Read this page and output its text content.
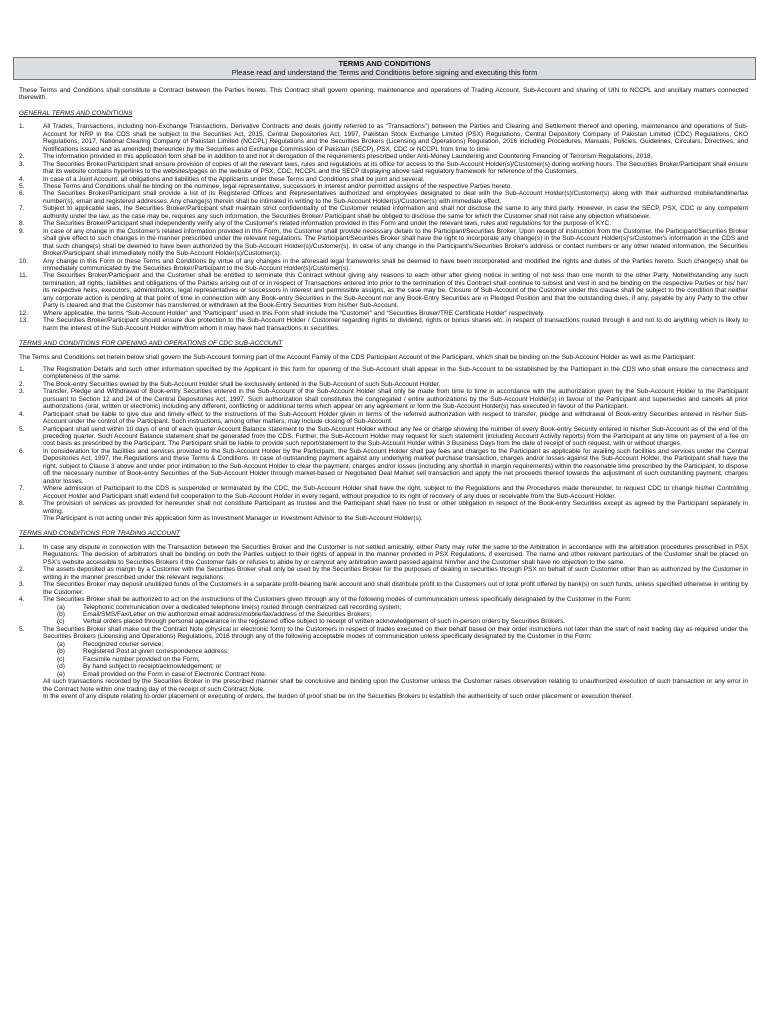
TERMS AND CONDITIONS
Please read and understand the Terms and Conditions before signing and executing this form
These Terms and Conditions shall constitute a Contract between the Parties hereto. This Contract shall govern opening, maintenance and operations of Trading Account, Sub-Account and sharing of UIN to NCCPL and ancillary matters connected therewith.
GENERAL TERMS AND CONDITIONS
1.	All Trades, Transactions, including non-Exchange Transactions, Derivative Contracts and deals (jointly referred to as “Transactions”) between the Parties and Clearing and Settlement thereof and opening, maintenance and operations of Sub-Account for NRP in the CDS shall be subject to the Securities Act, 2015, Central Depositories Act, 1997, Pakistan Stock Exchange Limited (PSX) Regulations, Central Depository Company of Pakistan Limited (CDC) Regulations, CKO Regulations, 2017, National Clearing Company of Pakistan Limited (NCCPL) Regulations and the Securities Brokers (Licensing and Operations) Regulation, 2016 including Procedures, Manuals, Policies, Guidelines, Circulars, Directives, and Notifications issued and as amended) thereunder by the Securities and Exchange Commission of Pakistan (SECP), PSX, CDC or NCCPL from time to time.
2.	The information provided in this application form shall be in addition to and not in derogation of the requirements prescribed under Anti-Money Laundering and Countering Financing of Terrorism Regulations, 2018.
3.	The Securities Broker/Participant shall ensure provision of copies of all the relevant laws, rules and regulations at its office for access to the Sub-Account Holder(s)/Customer(s) during working hours. The Securities Broker/Participant shall ensure that its website contains hyperlinks to the websites/pages on the website of PSX, CDC, NCCPL and the SECP displaying above said regulatory framework for reference of the Customers.
4.	In case of a Joint Account, all obligations and liabilities of the Applicants under these Terms and Conditions shall be joint and several.
5.	These Terms and Conditions shall be binding on the nominee, legal representative, successors in interest and/or permitted assigns of the respective Parties hereto.
6.	The Securities Broker/Participant shall provide a list of its Registered Offices and Representatives authorized and employees designated to deal with the Sub-Account Holder(s)/Customer(s) along with their authorized mobile/landline/fax number(s), email and registered addresses. Any change(s) therein shall be intimated in writing to the Sub-Account Holder(s)/Customer(s) with immediate effect.
7.	Subject to applicable laws, the Securities Broker/Participant shall maintain strict confidentiality of the Customer related information and shall not disclose the same to any third party. However, in case the SECP, PSX, CDC or any competent authority under the law, as the case may be, requires any such information, the Securities Broker/ Participant shall be obliged to disclose the same for which the Customer shall not raise any objection whatsoever.
8.	The Securities Broker/Participant shall independently verify any of the Customer's related information provided in this Form and under the relevant laws, rules and regulations for the purpose of KYC.
9.	In case of any change in the Customer's related information provided in this Form, the Customer shall provide necessary details to the Participant/Securities Broker. Upon receipt of instruction from the Customer, the Participant/Securities Broker shall give effect to such changes in the manner prescribed under the relevant regulations. The Participant/Securities Broker shall have the right to incorporate any change(s) in the Sub-Account Holder(s)'s/Customer's information in the CDS and that such change(s) shall be deemed to have been authorized by the Sub-Account Holder(s)/Customer(s). In case of any change in the Participant's/Securities Broker's address or contact numbers or any other related information, the Securities Broker/Participant shall immediately notify the Sub-Account Holder(s)/Customer(s).
10. Any change in this Form or these Terms and Conditions by virtue of any changes in the aforesaid legal frameworks shall be deemed to have been incorporated and modified the rights and duties of the Parties hereto. Such change(s) shall be immediately communicated by the Securities Broker/Participant to the Sub-Account Holder(s)/Customer(s).
11. The Securities Broker/Participant and the Customer shall be entitled to terminate this Contract without giving any reasons to each other after giving notice in writing of not less than one month to the other Party. Notwithstanding any such termination, all rights, liabilities and obligations of the Parties arising out of or in respect of Transactions entered into prior to the termination of this Contract shall continue to subsist and vest in and be binding on the respective Parties or his/ her/ its respective heirs, executors, administrators, legal representatives or successors in interest and permissible assigns, as the case may be. Closure of Sub-Account of the Customer under this clause shall be subject to the condition that neither any corporate action is pending at that point of time in connection with any Book-entry Securities in the Sub-Account nor any Book-Entry Securities are in Pledged Position and that the outstanding dues, if any, payable by any Party to the other Party is cleared and that the Customer has transferred or withdrawn all the Book-Entry Securities from his/her Sub-Account.
12. Where applicable, the terms “Sub-Account Holder” and “Participant” used in this Form shall include the “Customer” and “Securities Broker/TRE Certificate Holder” respectively.
13. The Securities Broker/Participant should ensure due protection to the Sub-Account Holder / Customer regarding rights to dividend, rights or bonus shares etc. in respect of transactions routed through it and not to do anything which is likely to harm the interest of the Sub-Account Holder with/from whom it may have had transactions in securities.
TERMS AND CONDITIONS FOR OPENING AND OPERATIONS OF CDC SUB-ACCOUNT
The Terms and Conditions set herein below shall govern the Sub-Account forming part of the Account Family of the CDS Participant Account of the Participant, which shall be binding on the Sub-Account Holder as well as the Participant:
1.	The Registration Details and such other information specified by the Applicant in this form for opening of the Sub-Account shall appear in the Sub-Account to be established by the Participant in the CDS who shall ensure the correctness and completeness of the same.
2.	The Book-entry Securities owned by the Sub-Account Holder shall be exclusively entered in the Sub-Account of such Sub-Account Holder.
3.	Transfer, Pledge and Withdrawal of Book-entry Securities entered in the Sub-Account of the Sub-Account Holder shall only be made from time to time in accordance with the authorization given by the Sub-Account Holder to the Participant pursuant to Section 12 and 24 of the Central Depositories Act, 1997. Such authorization shall constitutes the congregated / entire authorizations by the Sub-Account Holder(s) in favour of the Participant and supersedes and cancels all prior authorizations (oral, written or electronic) including any different, conflicting or additional terms which appear on any agreement or form the Sub-Account Holder(s) has executed in favour of the Participant.
4.	Participant shall be liable to give due and timely effect to the instructions of the Sub-Account Holder given in terms of the referred authorization with respect to transfer, pledge and withdrawal of Book-entry Securities entered in his/her Sub-Account under the control of the Participant. Such instructions, among other matters, may include closing of Sub-Account.
5.	Participant shall send within 10 days of end of each quarter Account Balance statement to the Sub-Account Holder without any fee or charge showing the number of every Book-entry Security entered in his/her Sub-Account as of the end of the preceding quarter. Such Account Balance statement shall be generated from the CDS. Further, the Sub-Account Holder may request for such statement (including Account Activity reports) from the Participant at any time on payment of a fee on cost basis as prescribed by the Participant. The Participant shall be liable to provide such report/statement to the Sub-Account Holder within 3 Business Days from the date of receipt of such request, with or without charges.
6.	In consideration for the facilities and services provided to the Sub-Account Holder by the Participant, the Sub-Account Holder shall pay fees and charges to the Participant as applicable for availing such facilities and services under the Central Depositories Act, 1997, the Regulations and these Terms & Conditions. In case of outstanding payment against any underlying market purchase transaction, charges and/or losses against the Sub-Account Holder, the Participant shall have the right, subject to Clause 3 above and under prior intimation to the Sub-Account Holder to clear the payment, charges and/or losses (including any shortfall in margin requirements) within the reasonable time prescribed by the Participant, to dispose off the necessary number of Book-entry Securities of the Sub-Account Holder through market-based or Negotiated Deal Market sell transaction and apply the net proceeds thereof towards the adjustment of such outstanding payment, charges and/or losses.
7.	Where admission of Participant to the CDS is suspended or terminated by the CDC, the Sub-Account Holder shall have the right, subject to the Regulations and the Procedures made thereunder, to request CDC to change his/her Controlling Account Holder and Participant shall extend full cooperation to the Sub-Account Holder in every regard, without prejudice to its right of recovery of any dues or receivable from the Sub-Account Holder.
8.	The provision of services as provided for hereunder shall not constitute Participant as trustee and the Participant shall have no trust or other obligation in respect of the Book-entry Securities except as agreed by the Participant separately in writing.
The Participant is not acting under this application form as Investment Manager or Investment Advisor to the Sub-Account Holder(s).
TERMS AND CONDITIONS FOR TRADING ACCOUNT
1.	In case any dispute in connection with the Transaction between the Securities Broker and the Customer is not settled amicably, either Party may refer the same to the Arbitration in accordance with the arbitration procedures prescribed in PSX Regulations. The decision of arbitrators shall be binding on both the Parties subject to their rights of appeal in the manner provided in PSX Regulations, if exercised. The name and other relevant particulars of the Customer shall be placed on PSX's website accessible to Securities Brokers if the Customer fails or refuses to abide by or carryout any arbitration award passed against him/her and the Customer shall have no objection to the same.
2.	The assets deposited as margin by a Customer with the Securities Broker shall only be used by the Securities Broker for the purposes of dealing in securities through PSX on behalf of such Customer other than as authorized by the Customer in writing in the manner prescribed under the relevant regulations.
3.	The Securities Broker may deposit unutilized funds of the Customers in a separate profit-bearing bank account and shall distribute profit to the Customers out of total profit offered by bank(s) on such funds, unless specified otherwise in writing by the Customer.
4.	The Securities Broker shall be authorized to act on the instructions of the Customers given through any of the following modes of communication unless specifically designated by the Customer in the Form:
(a)	Telephonic communication over a dedicated telephone line(s) routed through centralized call recording system;
(b)	Email/SMS/Fax/Letter on the authorized email address/mobile/fax/address of the Securities Brokers;
(c)	Verbal orders placed through personal appearance in the registered office subject to receipt of written acknowledgement of such in-person orders by Securities Brokers.
5.	The Securities Broker shall make out the Contract Note (physical or electronic form) to the Customers in respect of trades executed on their behalf based on their order instructions not later than the start of next trading day as required under the Securities Brokers (Licensing and Operations) Regulations, 2016 through any of the following acceptable modes of communication unless specifically designated by the Customer in the Form:
(a)	Recognized courier service;
(b)	Registered Post at given correspondence address;
(c)	Facsimile number provided on the Form;
(d)	By hand subject to receipt/acknowledgement; or
(e)	Email provided on the Form in case of Electronic Contract Note.
All such transactions recorded by the Securities Broker in the prescribed manner shall be conclusive and binding upon the Customer unless the Customer raises observation relating to unauthorized execution of such transaction or any error in the Contract Note within one trading day of the receipt of such Contract Note.
In the event of any dispute relating to order placement or executing of orders, the burden of proof shall be on the Securities Brokers to establish the authenticity of such order placement or execution thereof.
